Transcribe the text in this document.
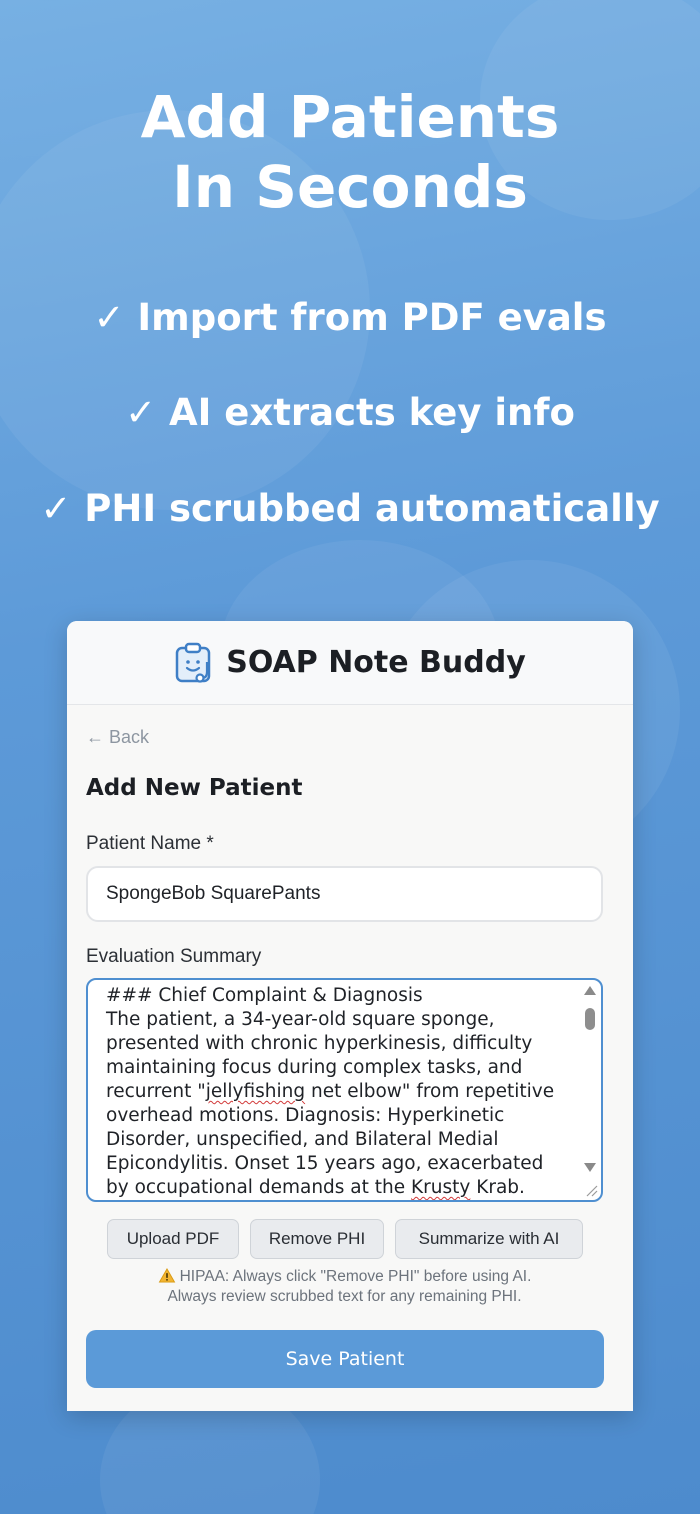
Add Patients
In Seconds
✓ Import from PDF evals
✓ AI extracts key info
✓ PHI scrubbed automatically
SOAP Note Buddy
← Back
Add New Patient
Patient Name *
SpongeBob SquarePants
Evaluation Summary
### Chief Complaint & Diagnosis
The patient, a 34-year-old square sponge,
presented with chronic hyperkinesis, difficulty
maintaining focus during complex tasks, and
recurrent "jellyfishing net elbow" from repetitive
overhead motions. Diagnosis: Hyperkinetic
Disorder, unspecified, and Bilateral Medial
Epicondylitis. Onset 15 years ago, exacerbated
by occupational demands at the Krusty Krab.
Upload PDF	Remove PHI	Summarize with AI
HIPAA: Always click "Remove PHI" before using AI.
Always review scrubbed text for any remaining PHI.
Save Patient
